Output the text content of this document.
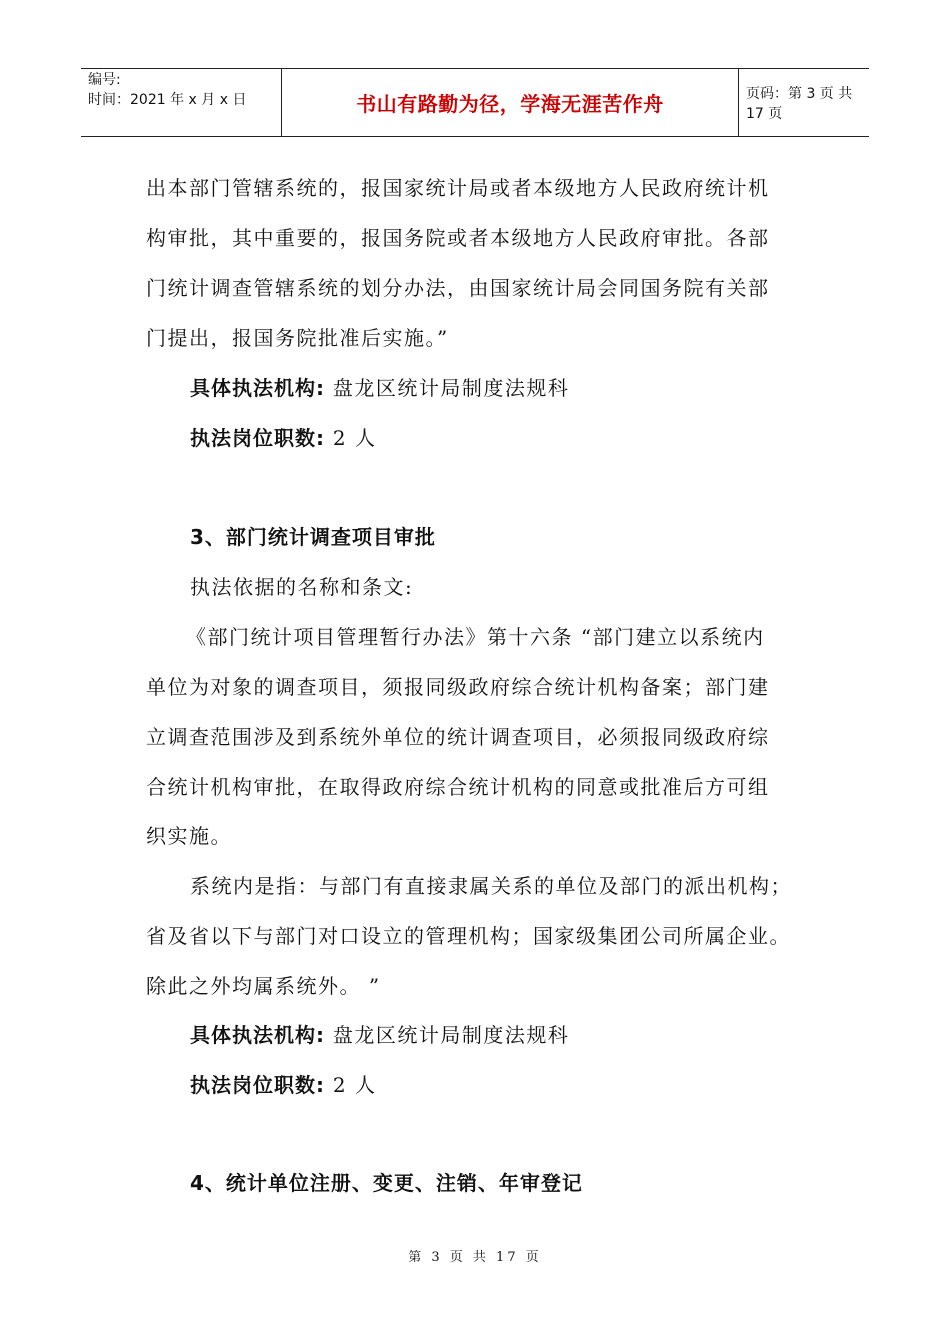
编号:
时间：2021 年 x 月 x 日	书山有路勤为径，学海无涯苦作舟	页码：第 3 页 共 17 页
出本部门管辖系统的，报国家统计局或者本级地方人民政府统计机
构审批，其中重要的，报国务院或者本级地方人民政府审批。各部
门统计调查管辖系统的划分办法，由国家统计局会同国务院有关部
门提出，报国务院批准后实施。”
具体执法机构: 盘龙区统计局制度法规科
执法岗位职数: 2 人
3、部门统计调查项目审批
执法依据的名称和条文:
《部门统计项目管理暂行办法》第十六条 “部门建立以系统内
单位为对象的调查项目，须报同级政府综合统计机构备案；部门建
立调查范围涉及到系统外单位的统计调查项目，必须报同级政府综
合统计机构审批，在取得政府综合统计机构的同意或批准后方可组
织实施。
系统内是指：与部门有直接隶属关系的单位及部门的派出机构；
省及省以下与部门对口设立的管理机构；国家级集团公司所属企业。
除此之外均属系统外。 ”
具体执法机构: 盘龙区统计局制度法规科
执法岗位职数: 2 人
4、统计单位注册、变更、注销、年审登记
第 3 页 共 17 页
